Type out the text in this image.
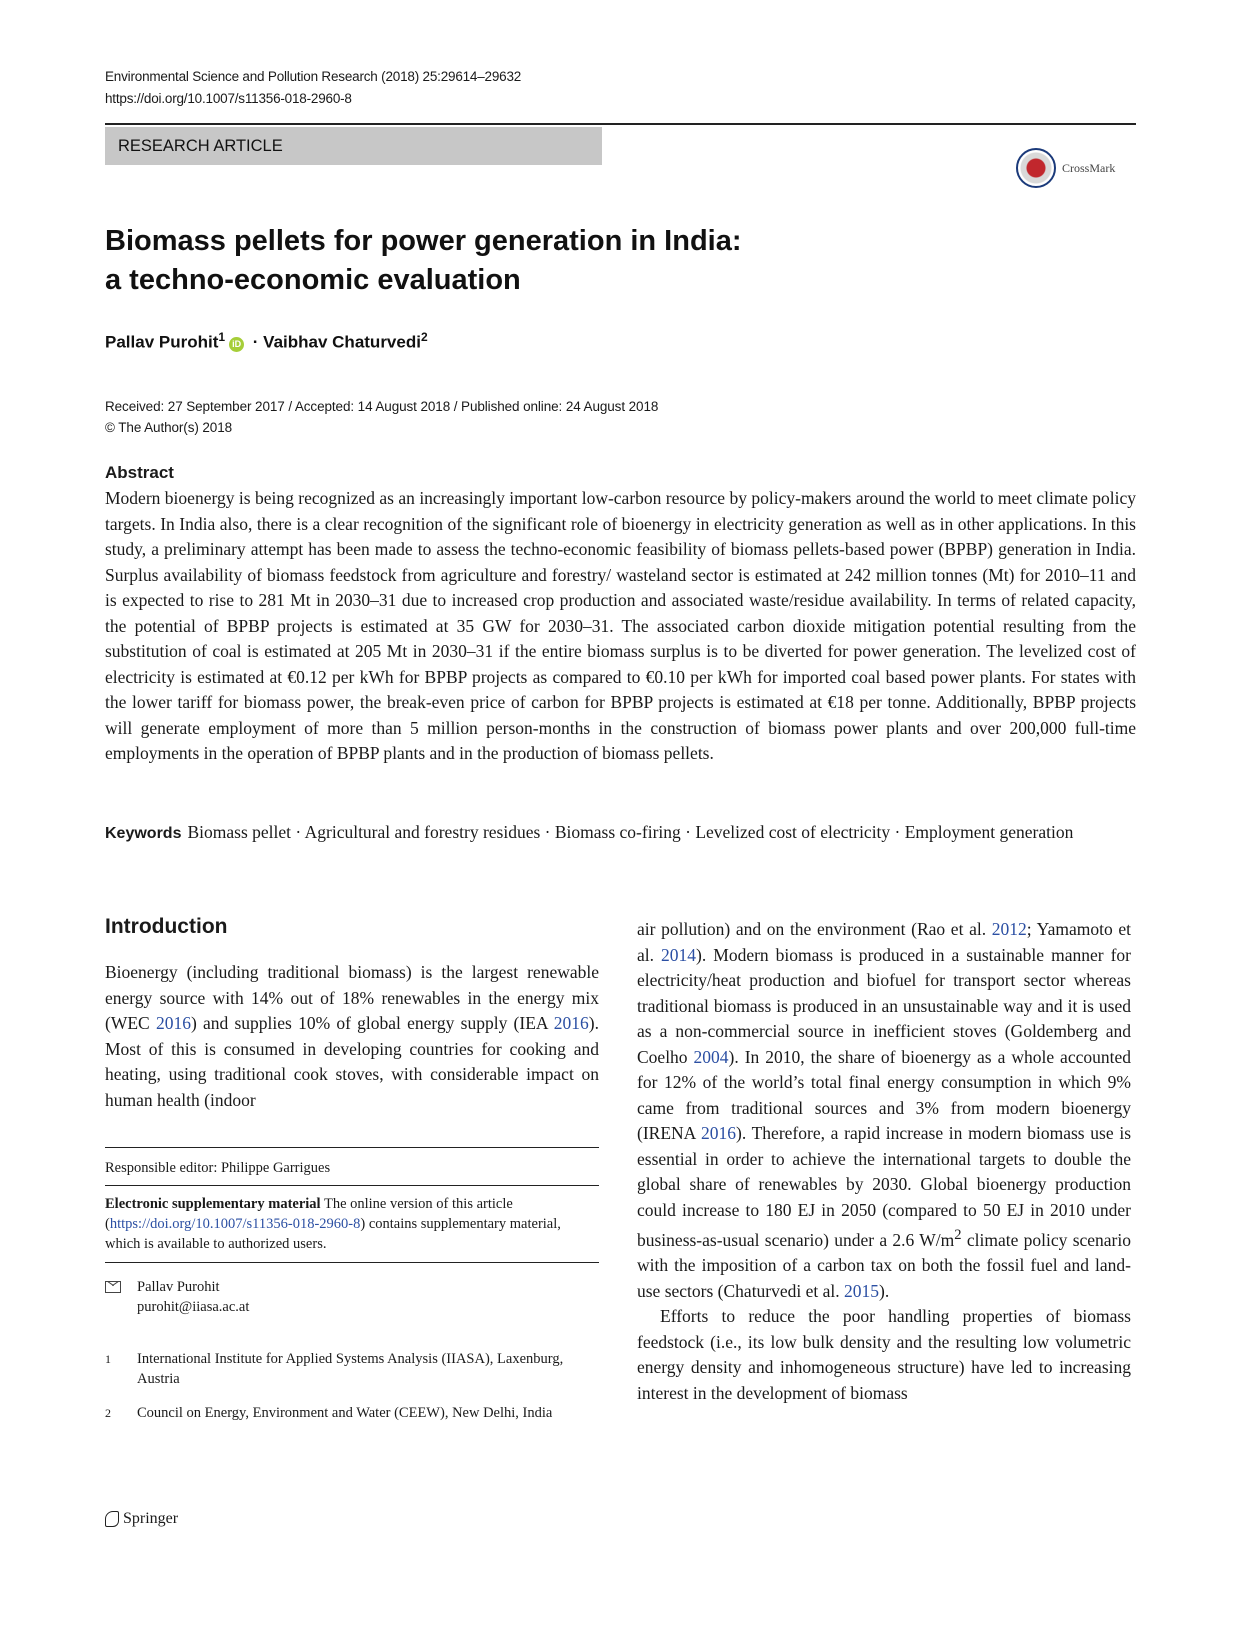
Environmental Science and Pollution Research (2018) 25:29614–29632
https://doi.org/10.1007/s11356-018-2960-8
RESEARCH ARTICLE
CrossMark
Biomass pellets for power generation in India:
a techno-economic evaluation
Pallav Purohit$^1$ iD · Vaibhav Chaturvedi$^2$
Received: 27 September 2017 / Accepted: 14 August 2018 / Published online: 24 August 2018
© The Author(s) 2018
Abstract

Modern bioenergy is being recognized as an increasingly important low-carbon resource by policy-makers around the world to meet climate policy targets. In India also, there is a clear recognition of the significant role of bioenergy in electricity generation as well as in other applications. In this study, a preliminary attempt has been made to assess the techno-economic feasibility of biomass pellets-based power (BPBP) generation in India. Surplus availability of biomass feedstock from agriculture and forestry/ wasteland sector is estimated at 242 million tonnes (Mt) for 2010–11 and is expected to rise to 281 Mt in 2030–31 due to increased crop production and associated waste/residue availability. In terms of related capacity, the potential of BPBP projects is estimated at 35 GW for 2030–31. The associated carbon dioxide mitigation potential resulting from the substitution of coal is estimated at 205 Mt in 2030–31 if the entire biomass surplus is to be diverted for power generation. The levelized cost of electricity is estimated at €0.12 per kWh for BPBP projects as compared to €0.10 per kWh for imported coal based power plants. For states with the lower tariff for biomass power, the break-even price of carbon for BPBP projects is estimated at €18 per tonne. Additionally, BPBP projects will generate employment of more than 5 million person-months in the construction of biomass power plants and over 200,000 full-time employments in the operation of BPBP plants and in the production of biomass pellets.

Keywords Biomass pellet · Agricultural and forestry residues · Biomass co-firing · Levelized cost of electricity · Employment generation

Introduction

Bioenergy (including traditional biomass) is the largest renewable energy source with 14% out of 18% renewables in the energy mix (WEC 2016) and supplies 10% of global energy supply (IEA 2016). Most of this is consumed in developing countries for cooking and heating, using traditional cook stoves, with considerable impact on human health (indoor

air pollution) and on the environment (Rao et al. 2012; Yamamoto et al. 2014). Modern biomass is produced in a sustainable manner for electricity/heat production and biofuel for transport sector whereas traditional biomass is produced in an unsustainable way and it is used as a non-commercial source in inefficient stoves (Goldemberg and Coelho 2004). In 2010, the share of bioenergy as a whole accounted for 12% of the world’s total final energy consumption in which 9% came from traditional sources and 3% from modern bioenergy (IRENA 2016). Therefore, a rapid increase in modern biomass use is essential in order to achieve the international targets to double the global share of renewables by 2030. Global bioenergy production could increase to 180 EJ in 2050 (compared to 50 EJ in 2010 under business-as-usual scenario) under a 2.6 $W/m^2$ climate policy scenario with the imposition of a carbon tax on both the fossil fuel and land-use sectors (Chaturvedi et al. 2015).

Efforts to reduce the poor handling properties of biomass feedstock (i.e., its low bulk density and the resulting low volumetric energy density and inhomogeneous structure) have led to increasing interest in the development of biomass

Responsible editor: Philippe Garrigues
Electronic supplementary material The online version of this article (https://doi.org/10.1007/s11356-018-2960-8) contains supplementary material, which is available to authorized users.
Pallav Purohit
purohit@iiasa.ac.at
1	International Institute for Applied Systems Analysis (IIASA), Laxenburg, Austria
2	Council on Energy, Environment and Water (CEEW), New Delhi, India
Springer
